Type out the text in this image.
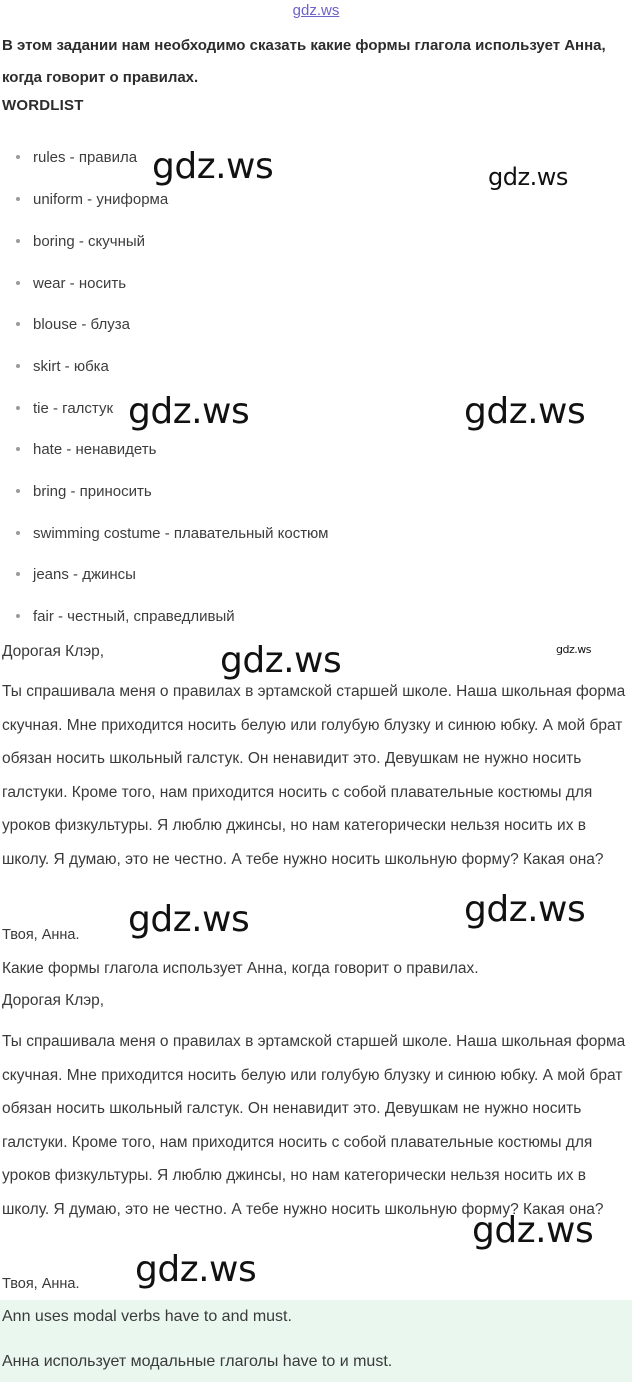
gdz.ws
В этом задании нам необходимо сказать какие формы глагола использует Анна, когда говорит о правилах.
WORDLIST
rules - правила
uniform - униформа
boring - скучный
wear - носить
blouse - блуза
skirt - юбка
tie - галстук
hate - ненавидеть
bring - приносить
swimming costume - плавательный костюм
jeans - джинсы
fair - честный, справедливый
Дорогая Клэр,
Ты спрашивала меня о правилах в эртамской старшей школе. Наша школьная форма скучная. Мне приходится носить белую или голубую блузку и синюю юбку. А мой брат обязан носить школьный галстук. Он ненавидит это. Девушкам не нужно носить галстуки. Кроме того, нам приходится носить с собой плавательные костюмы для уроков физкультуры. Я люблю джинсы, но нам категорически нельзя носить их в школу. Я думаю, это не честно. А тебе нужно носить школьную форму? Какая она?
Твоя, Анна.
Какие формы глагола использует Анна, когда говорит о правилах.
Дорогая Клэр,
Ты спрашивала меня о правилах в эртамской старшей школе. Наша школьная форма скучная. Мне приходится носить белую или голубую блузку и синюю юбку. А мой брат обязан носить школьный галстук. Он ненавидит это. Девушкам не нужно носить галстуки. Кроме того, нам приходится носить с собой плавательные костюмы для уроков физкультуры. Я люблю джинсы, но нам категорически нельзя носить их в школу. Я думаю, это не честно. А тебе нужно носить школьную форму? Какая она?
Твоя, Анна.
Ann uses modal verbs have to and must.
Анна использует модальные глаголы have to и must.
gdz.ws	gdz.ws
gdz.ws	gdz.ws
gdz.ws	gdz.ws
gdz.ws	gdz.ws
gdz.ws
gdz.ws
